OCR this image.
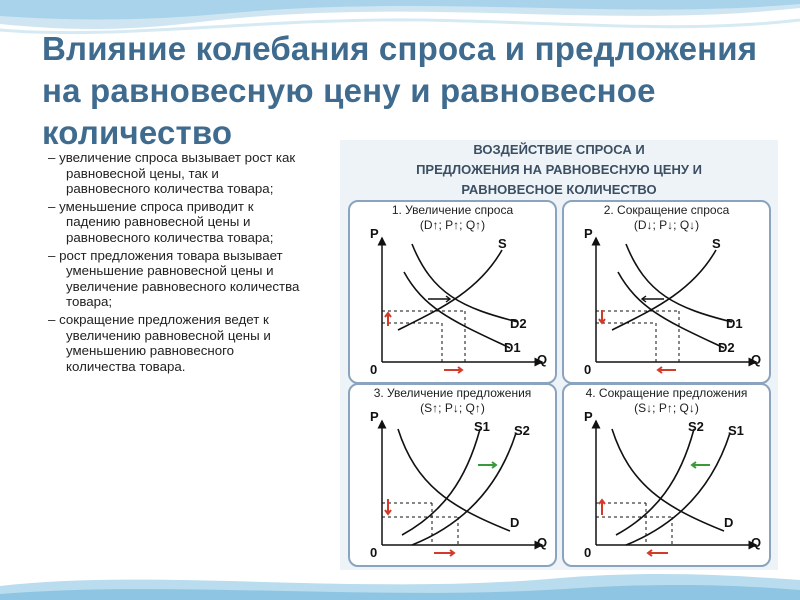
Влияние колебания спроса и предложения на равновесную цену и равновесное количество
– увеличение спроса вызывает рост как равновесной цены, так и равновесного количества товара;
– уменьшение спроса приводит к падению равновесной цены и равновесного количества товара;
– рост предложения товара вызывает уменьшение равновесной цены и увеличение равновесного количества товара;
– сокращение предложения ведет к увеличению равновесной цены и уменьшению равновесного количества товара.
ВОЗДЕЙСТВИЕ СПРОСА И
ПРЕДЛОЖЕНИЯ НА РАВНОВЕСНУЮ ЦЕНУ И
РАВНОВЕСНОЕ КОЛИЧЕСТВО
1. Увеличение спроса
(D↑; P↑; Q↑)
P
Q
0
S
D2
D1
2. Сокращение спроса
(D↓; P↓; Q↓)
P
Q
0
S
D1
D2
3. Увеличение предложения
(S↑; P↓; Q↑)
P
Q
0
S1 S2
D
4. Сокращение предложения
(S↓; P↑; Q↓)
P
Q
0
S2 S1
D
